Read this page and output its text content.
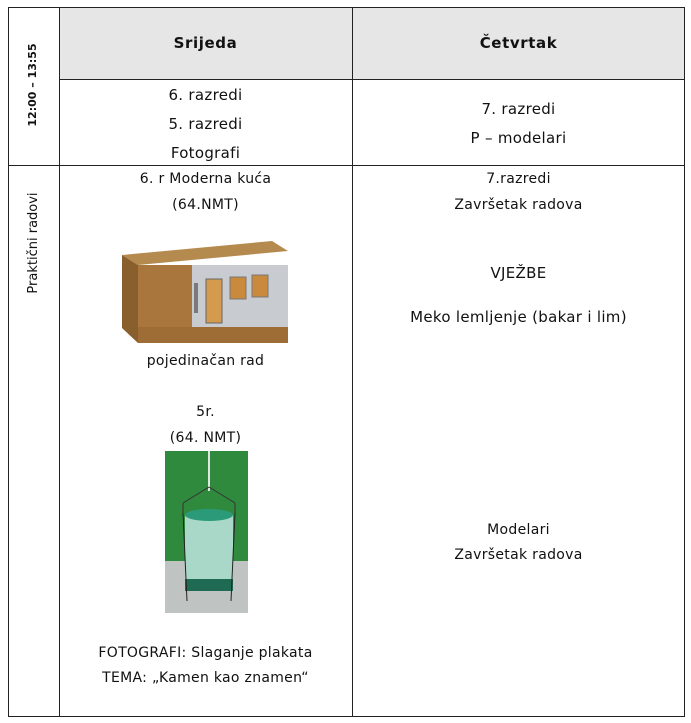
12:00 – 13:55
Praktični radovi
Srijeda	Četvrtak
6. razredi
5. razredi
Fotografi
7. razredi
P – modelari
6. r Moderna kuća
(64.NMT)
pojedinačan rad
5r.
(64. NMT)
FOTOGRAFI: Slaganje plakata
TEMA: „Kamen kao znamen“
7.razredi
Završetak radova
VJEŽBE
Meko lemljenje (bakar i lim)
Modelari
Završetak radova
